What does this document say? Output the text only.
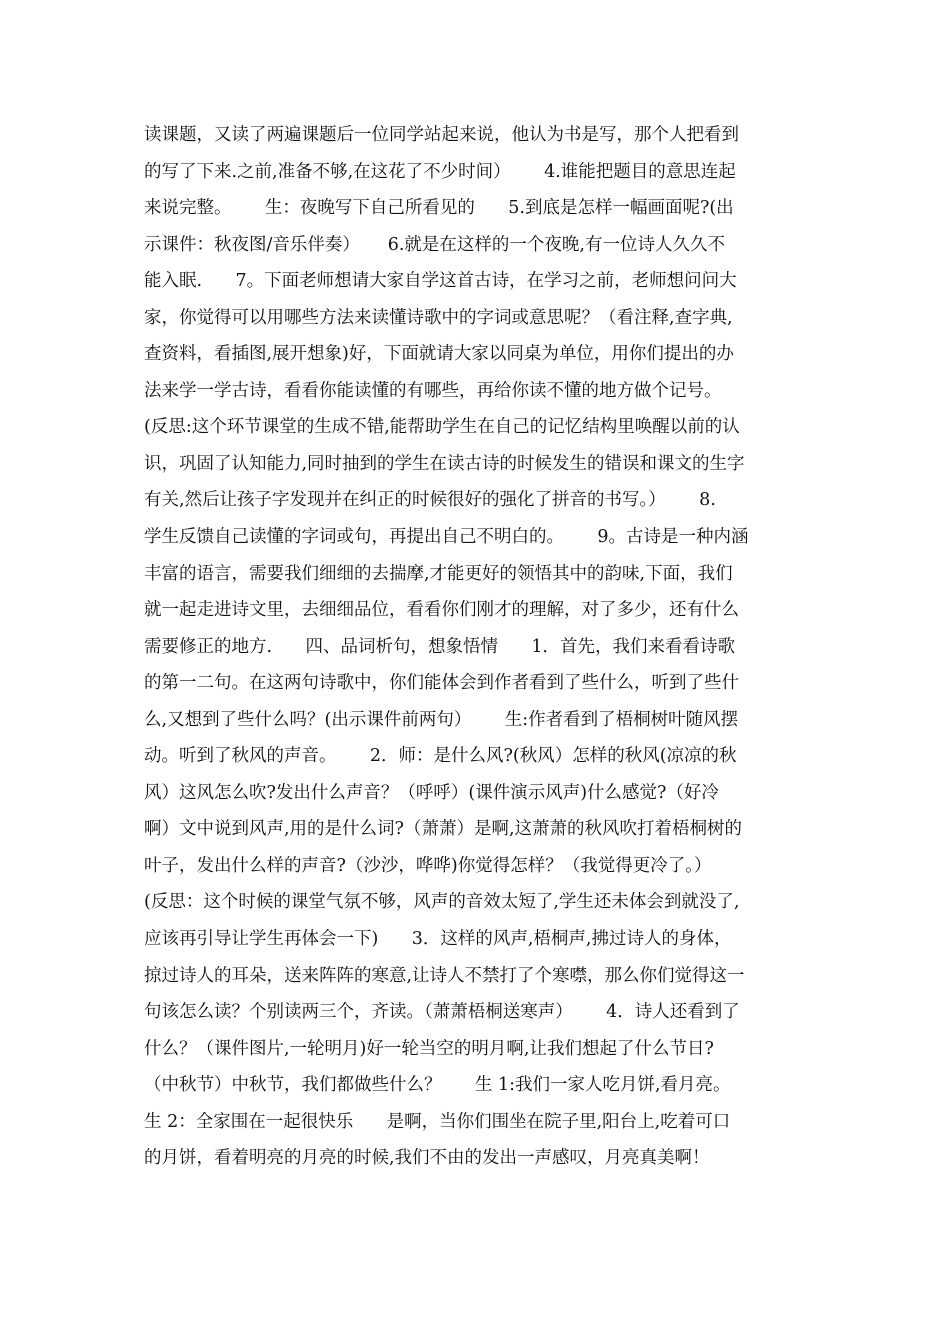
读课题，又读了两遍课题后一位同学站起来说，他认为书是写，那个人把看到
的写了下来.之前,准备不够,在这花了不少时间）      4.谁能把题目的意思连起
来说完整。      生：夜晚写下自己所看见的      5.到底是怎样一幅画面呢?(出
示课件：秋夜图/音乐伴奏）     6.就是在这样的一个夜晚,有一位诗人久久不
能入眠.      7。下面老师想请大家自学这首古诗，在学习之前，老师想问问大
家，你觉得可以用哪些方法来读懂诗歌中的字词或意思呢？（看注释,查字典,
查资料，看插图,展开想象)好，下面就请大家以同桌为单位，用你们提出的办
法来学一学古诗，看看你能读懂的有哪些，再给你读不懂的地方做个记号。
(反思:这个环节课堂的生成不错,能帮助学生在自己的记忆结构里唤醒以前的认
识，巩固了认知能力,同时抽到的学生在读古诗的时候发生的错误和课文的生字
有关,然后让孩子字发现并在纠正的时候很好的强化了拼音的书写。）      8.
学生反馈自己读懂的字词或句，再提出自己不明白的。      9。古诗是一种内涵
丰富的语言，需要我们细细的去揣摩,才能更好的领悟其中的韵味,下面，我们
就一起走进诗文里，去细细品位，看看你们刚才的理解，对了多少，还有什么
需要修正的地方.      四、品词析句，想象悟情      1．首先，我们来看看诗歌
的第一二句。在这两句诗歌中，你们能体会到作者看到了些什么，听到了些什
么,又想到了些什么吗？(出示课件前两句）      生:作者看到了梧桐树叶随风摆
动。听到了秋风的声音。      2．师：是什么风?(秋风）怎样的秋风(凉凉的秋
风）这风怎么吹?发出什么声音？（呼呼）(课件演示风声)什么感觉?（好冷
啊）文中说到风声,用的是什么词?（萧萧）是啊,这萧萧的秋风吹打着梧桐树的
叶子，发出什么样的声音?（沙沙，哗哗)你觉得怎样？（我觉得更冷了。）
(反思：这个时候的课堂气氛不够，风声的音效太短了,学生还未体会到就没了,
应该再引导让学生再体会一下)      3．这样的风声,梧桐声,拂过诗人的身体，
掠过诗人的耳朵，送来阵阵的寒意,让诗人不禁打了个寒噤，那么你们觉得这一
句该怎么读？个别读两三个，齐读。（萧萧梧桐送寒声）      4．诗人还看到了
什么？（课件图片,一轮明月)好一轮当空的明月啊,让我们想起了什么节日?
（中秋节）中秋节，我们都做些什么？      生 1:我们一家人吃月饼,看月亮。
生 2：全家围在一起很快乐      是啊，当你们围坐在院子里,阳台上,吃着可口
的月饼，看着明亮的月亮的时候,我们不由的发出一声感叹，月亮真美啊！
